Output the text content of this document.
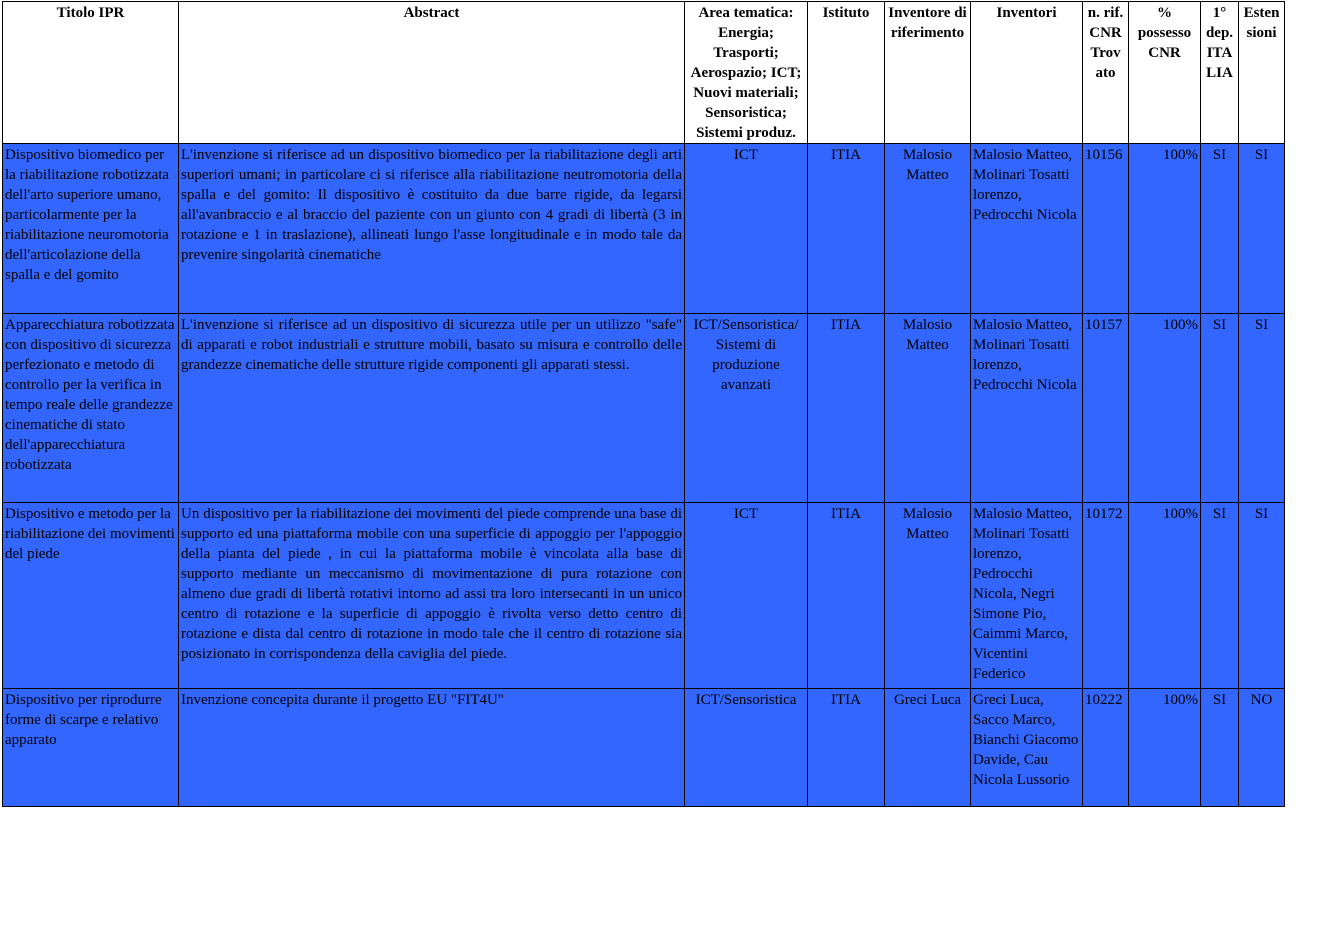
Titolo IPR	Abstract	Area tematica: Energia; Trasporti; Aerospazio; ICT; Nuovi materiali; Sensoristica; Sistemi produz.	Istituto	Inventore di riferimento	Inventori	n. rif. CNR Trov ato	% possesso CNR	1° dep. ITA LIA	Esten sioni

Dispositivo biomedico per la riabilitazione robotizzata dell'arto superiore umano, particolarmente per la riabilitazione neuromotoria dell'articolazione della spalla e del gomito	L'invenzione si riferisce ad un dispositivo biomedico per la riabilitazione degli arti superiori umani; in particolare ci si riferisce alla riabilitazione neutromotoria della spalla e del gomito: Il dispositivo è costituito da due barre rigide, da legarsi all'avanbraccio e al braccio del paziente con un giunto con 4 gradi di libertà (3 in rotazione e 1 in traslazione), allineati lungo l'asse longitudinale e in modo tale da prevenire singolarità cinematiche	ICT	ITIA	Malosio Matteo	Malosio Matteo, Molinari Tosatti lorenzo, Pedrocchi Nicola	10156	100%	SI	SI
Apparecchiatura robotizzata con dispositivo di sicurezza perfezionato e metodo di controllo per la verifica in tempo reale delle grandezze cinematiche di stato dell'apparecchiatura robotizzata	L'invenzione si riferisce ad un dispositivo di sicurezza utile per un utilizzo "safe" di apparati e robot industriali e strutture mobili, basato su misura e controllo delle grandezze cinematiche delle strutture rigide componenti gli apparati stessi.	ICT/Sensoristica/ Sistemi di produzione avanzati	ITIA	Malosio Matteo	Malosio Matteo, Molinari Tosatti lorenzo, Pedrocchi Nicola	10157	100%	SI	SI
Dispositivo e metodo per la riabilitazione dei movimenti del piede	Un dispositivo per la riabilitazione dei movimenti del piede comprende una base di supporto ed una piattaforma mobile con una superficie di appoggio per l'appoggio della pianta del piede , in cui la piattaforma mobile è vincolata alla base di supporto mediante un meccanismo di movimentazione di pura rotazione con almeno due gradi di libertà rotativi intorno ad assi tra loro intersecanti in un unico centro di rotazione e la superficie di appoggio è rivolta verso detto centro di rotazione e dista dal centro di rotazione in modo tale che il centro di rotazione sia posizionato in corrispondenza della caviglia del piede.	ICT	ITIA	Malosio Matteo	Malosio Matteo, Molinari Tosatti lorenzo, Pedrocchi Nicola, Negri Simone Pio, Caimmi Marco, Vicentini Federico	10172	100%	SI	SI
Dispositivo per riprodurre forme di scarpe e relativo apparato	Invenzione concepita durante il progetto EU "FIT4U"	ICT/Sensoristica	ITIA	Greci Luca	Greci Luca, Sacco Marco, Bianchi Giacomo Davide, Cau Nicola Lussorio	10222	100%	SI	NO
